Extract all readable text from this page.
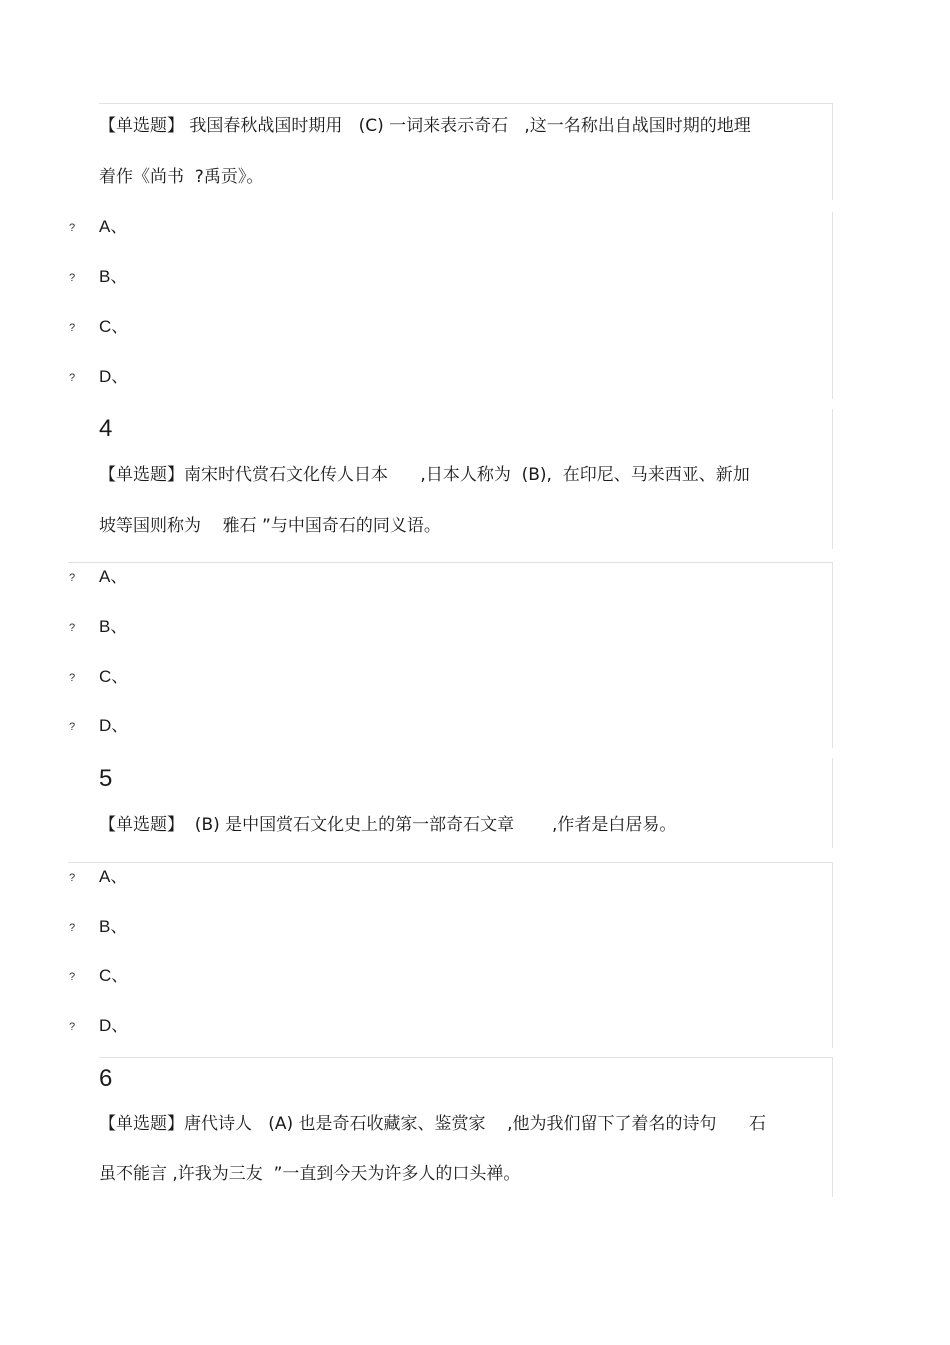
【单选题】 我国春秋战国时期用   (C) 一词来表示奇石   ,这一名称出自战国时期的地理
着作《尚书  ?禹贡》。
? A、
? B、
? C、
? D、
4
【单选题】南宋时代赏石文化传人日本      ,日本人称为  (B),  在印尼、马来西亚、新加
坡等国则称为    雅石 ”与中国奇石的同义语。
? A、
? B、
? C、
? D、
5
【单选题】  (B) 是中国赏石文化史上的第一部奇石文章       ,作者是白居易。
? A、
? B、
? C、
? D、
6
【单选题】唐代诗人   (A) 也是奇石收藏家、鉴赏家    ,他为我们留下了着名的诗句      石
虽不能言 ,许我为三友  ”一直到今天为许多人的口头禅。
